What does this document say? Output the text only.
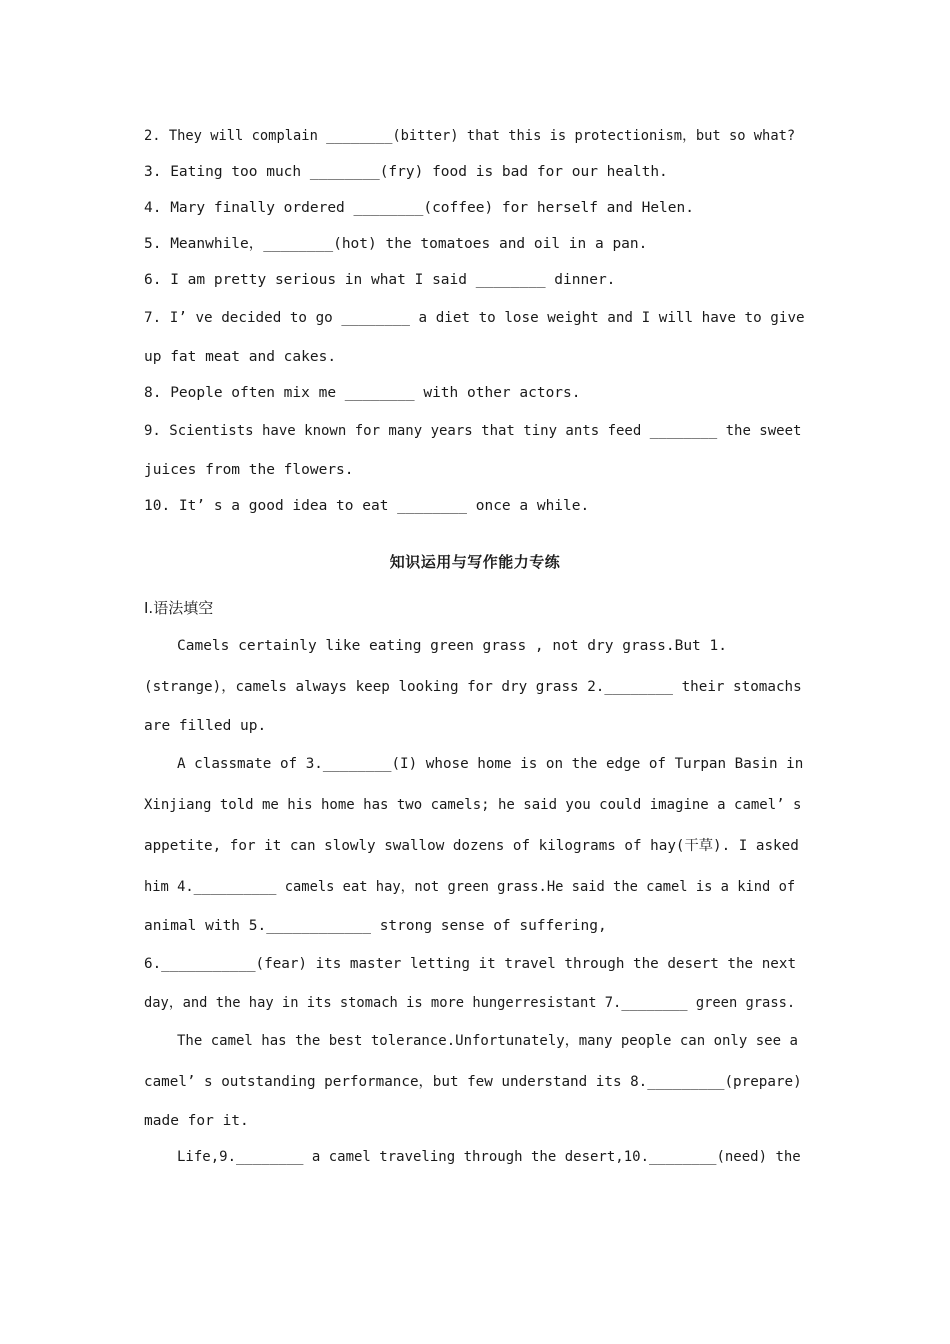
2. They will complain ________(bitter) that this is protectionism，but so what?
3. Eating too much ________(fry) food is bad for our health.
4. Mary finally ordered ________(coffee) for herself and Helen.
5. Meanwhile，________(hot) the tomatoes and oil in a pan.
6. I am pretty serious in what I said ________ dinner.
7. I’ ve decided to go ________ a diet to lose weight and I will have to give
up fat meat and cakes.
8. People often mix me ________ with other actors.
9. Scientists have known for many years that tiny ants feed ________ the sweet
juices from the flowers.
10. It’ s a good idea to eat ________ once a while.
知识运用与写作能力专练
Ⅰ.语法填空
Camels certainly like eating green grass , not dry grass.But 1.
(strange)，camels always keep looking for dry grass 2.________ their stomachs
are filled up.
A classmate of 3.________(I) whose home is on the edge of Turpan Basin in
Xinjiang told me his home has two camels; he said you could imagine a camel’ s
appetite, for it can slowly swallow dozens of kilograms of hay(干草). I asked
him 4.__________ camels eat hay，not green grass.He said the camel is a kind of
animal with 5.____________ strong sense of suffering,
6.___________(fear) its master letting it travel through the desert the next
day，and the hay in its stomach is more hungerresistant 7.________ green grass.
The camel has the best tolerance.Unfortunately，many people can only see a
camel’ s outstanding performance，but few understand its 8._________(prepare)
made for it.
Life,9.________ a camel traveling through the desert,10.________(need) the
